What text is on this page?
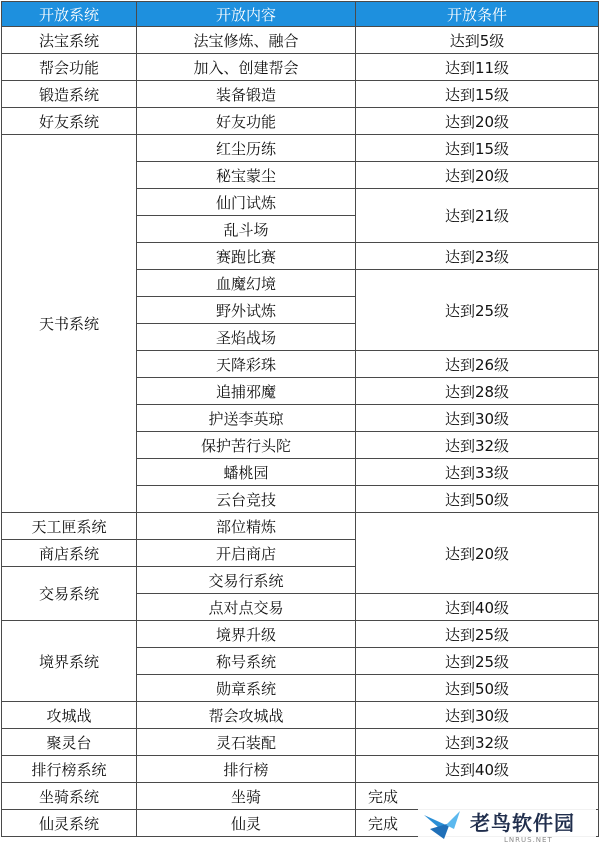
开放系统	开放内容	开放条件
法宝系统	法宝修炼、融合	达到5级
帮会功能	加入、创建帮会	达到11级
锻造系统	装备锻造	达到15级
好友系统	好友功能	达到20级
天书系统	红尘历练	达到15级
	秘宝蒙尘	达到20级
	仙门试炼	达到21级
	乱斗场	
	赛跑比赛	达到23级
	血魔幻境	达到25级
	野外试炼	
	圣焰战场	
	天降彩珠	达到26级
	追捕邪魔	达到28级
	护送李英琼	达到30级
	保护苦行头陀	达到32级
	蟠桃园	达到33级
	云台竞技	达到50级
天工匣系统	部位精炼	达到20级
商店系统	开启商店	
交易系统	交易行系统	
	点对点交易	达到40级
境界系统	境界升级	达到25级
	称号系统	达到25级
	勋章系统	达到50级
攻城战	帮会攻城战	达到30级
聚灵台	灵石装配	达到32级
排行榜系统	排行榜	达到40级
坐骑系统	坐骑	完成
仙灵系统	仙灵	完成	老鸟软件园
LNRUS.NET
